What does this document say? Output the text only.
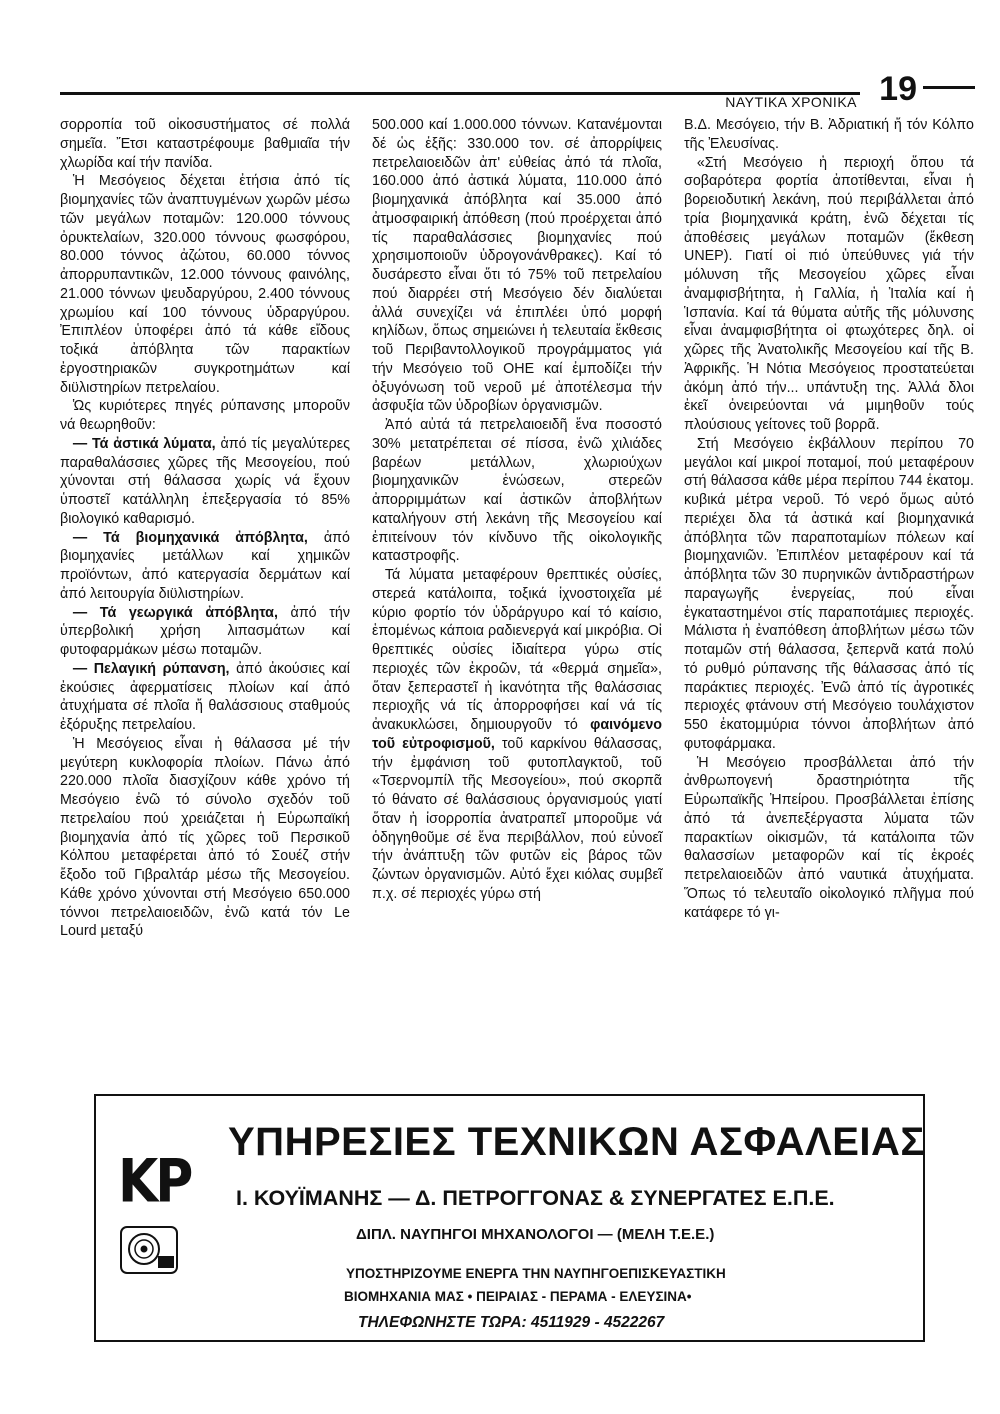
ΝΑΥΤΙΚΑ ΧΡΟΝΙΚΑ 19

σορροπία τοῦ οἰκοσυστήματος σέ πολλά σημεῖα. Ἔτσι καταστρέφουμε βαθμιαῖα τήν χλωρίδα καί τήν πανίδα.

Ἡ Μεσόγειος δέχεται ἐτήσια ἀπό τίς βιομηχανίες τῶν ἀναπτυγμένων χωρῶν μέσω τῶν μεγάλων ποταμῶν: 120.000 τόννους ὀρυκτελαίων, 320.000 τόννους φωσφόρου, 80.000 τόννος ἀζώτου, 60.000 τόννος ἀπορρυπαντικῶν, 12.000 τόννους φαινόλης, 21.000 τόννων ψευδαργύρου, 2.400 τόννους χρωμίου καί 100 τόννους ὑδραργύρου. Ἐπιπλέον ὑποφέρει ἀπό τά κάθε εἴδους τοξικά ἀπόβλητα τῶν παρακτίων ἐργοστηριακῶν συγκροτημάτων καί διϋλιστηρίων πετρελαίου.

Ὡς κυριότερες πηγές ρύπανσης μποροῦν νά θεωρηθοῦν:

— Τά ἀστικά λύματα, ἀπό τίς μεγαλύτερες παραθαλάσσιες χῶρες τῆς Μεσογείου, πού χύνονται στή θάλασσα χωρίς νά ἔχουν ὑποστεῖ κατάλληλη ἐπεξεργασία τό 85% βιολογικό καθαρισμό.

— Τά βιομηχανικά ἀπόβλητα, ἀπό βιομηχανίες μετάλλων καί χημικῶν προϊόντων, ἀπό κατεργασία δερμάτων καί ἀπό λειτουργία διϋλιστηρίων.

— Τά γεωργικά ἀπόβλητα, ἀπό τήν ὑπερβολική χρήση λιπασμάτων καί φυτοφαρμάκων μέσω ποταμῶν.

— Πελαγική ρύπανση, ἀπό ἀκούσιες καί ἐκούσιες ἀφερματίσεις πλοίων καί ἀπό ἀτυχήματα σέ πλοῖα ἤ θαλάσσιους σταθμούς ἐξόρυξης πετρελαίου.

Ἡ Μεσόγειος εἶναι ἡ θάλασσα μέ τήν μεγύτερη κυκλοφορία πλοίων. Πάνω ἀπό 220.000 πλοῖα διασχίζουν κάθε χρόνο τή Μεσόγειο ἐνῶ τό σύνολο σχεδόν τοῦ πετρελαίου πού χρειάζεται ἡ Εὐρωπαϊκή βιομηχανία ἀπό τίς χῶρες τοῦ Περσικοῦ Κόλπου μεταφέρεται ἀπό τό Σουέζ στήν ἔξοδο τοῦ Γιβραλτάρ μέσω τῆς Μεσογείου. Κάθε χρόνο χύνονται στή Μεσόγειο 650.000 τόννοι πετρελαιοειδῶν, ἐνῶ κατά τόν Le Lourd μεταξύ

500.000 καί 1.000.000 τόννων. Κατανέμονται δέ ὡς ἑξῆς: 330.000 τον. σέ ἀπορρίψεις πετρελαιοειδῶν ἀπ' εὐθείας ἀπό τά πλοῖα, 160.000 ἀπό ἀστικά λύματα, 110.000 ἀπό βιομηχανικά ἀπόβλητα καί 35.000 ἀπό ἀτμοσφαιρική ἀπόθεση (πού προέρχεται ἀπό τίς παραθαλάσσιες βιομηχανίες πού χρησιμοποιοῦν ὑδρογονάνθρακες). Καί τό δυσάρεστο εἶναι ὅτι τό 75% τοῦ πετρελαίου πού διαρρέει στή Μεσόγειο δέν διαλύεται ἀλλά συνεχίζει νά ἐπιπλέει ὑπό μορφή κηλίδων, ὅπως σημειώνει ἡ τελευταία ἔκθεσις τοῦ Περιβαντολλογικοῦ προγράμματος γιά τήν Μεσόγειο τοῦ ΟΗΕ καί ἐμποδίζει τήν ὀξυγόνωση τοῦ νεροῦ μέ ἀποτέλεσμα τήν ἀσφυξία τῶν ὑδροβίων ὀργανισμῶν.

Ἀπό αὐτά τά πετρελαιοειδῆ ἕνα ποσοστό 30% μετατρέπεται σέ πίσσα, ἐνῶ χιλιάδες βαρέων μετάλλων, χλωριούχων βιομηχανικῶν ἑνώσεων, στερεῶν ἀπορριμμάτων καί ἀστικῶν ἀποβλήτων καταλήγουν στή λεκάνη τῆς Μεσογείου καί ἐπιτείνουν τόν κίνδυνο τῆς οἰκολογικῆς καταστροφῆς.

Τά λύματα μεταφέρουν θρεπτικές οὐσίες, στερεά κατάλοιπα, τοξικά ἰχνοστοιχεῖα μέ κύριο φορτίο τόν ὑδράργυρο καί τό καίσιο, ἑπομένως κάποια ραδιενεργά καί μικρόβια. Οἱ θρεπτικές οὐσίες ἰδιαίτερα γύρω στίς περιοχές τῶν ἐκροῶν, τά «θερμά σημεῖα», ὅταν ξεπεραστεῖ ἡ ἱκανότητα τῆς θαλάσσιας περιοχῆς νά τίς ἀπορροφήσει καί νά τίς ἀνακυκλώσει, δημιουργοῦν τό φαινόμενο τοῦ εὐτροφισμοῦ, τοῦ καρκίνου θάλασσας, τήν ἐμφάνιση τοῦ φυτοπλαγκτοῦ, τοῦ «Τσερνομπίλ τῆς Μεσογείου», πού σκορπᾶ τό θάνατο σέ θαλάσσιους ὀργανισμούς γιατί ὅταν ἡ ἰσορροπία ἀνατραπεῖ μποροῦμε νά ὁδηγηθοῦμε σέ ἕνα περιβάλλον, πού εὐνοεῖ τήν ἀνάπτυξη τῶν φυτῶν εἰς βάρος τῶν ζώντων ὀργανισμῶν. Αὐτό ἔχει κιόλας συμβεῖ π.χ. σέ περιοχές γύρω στή

Β.Δ. Μεσόγειο, τήν Β. Ἀδριατική ἤ τόν Κόλπο τῆς Ἐλευσίνας.

«Στή Μεσόγειο ἡ περιοχή ὅπου τά σοβαρότερα φορτία ἀποτίθενται, εἶναι ἡ βορειοδυτική λεκάνη, πού περιβάλλεται ἀπό τρία βιομηχανικά κράτη, ἐνῶ δέχεται τίς ἀποθέσεις μεγάλων ποταμῶν (ἔκθεση UNEP). Γιατί οἱ πιό ὑπεύθυνες γιά τήν μόλυνση τῆς Μεσογείου χῶρες εἶναι ἀναμφισβήτητα, ἡ Γαλλία, ἡ Ἰταλία καί ἡ Ἱσπανία. Καί τά θύματα αὐτῆς τῆς μόλυνσης εἶναι ἀναμφισβήτητα οἱ φτωχότερες δηλ. οἱ χῶρες τῆς Ἀνατολικῆς Μεσογείου καί τῆς Β. Ἀφρικῆς. Ἡ Νότια Μεσόγειος προστατεύεται ἀκόμη ἀπό τήν... υπάντυξη της. Ἀλλά δλοι ἐκεῖ ὀνειρεύονται νά μιμηθοῦν τούς πλούσιους γείτονες τοῦ βορρᾶ.

Στή Μεσόγειο ἐκβάλλουν περίπου 70 μεγάλοι καί μικροί ποταμοί, πού μεταφέρουν στή θάλασσα κάθε μέρα περίπου 744 ἑκατομ. κυβικά μέτρα νεροῦ. Τό νερό ὅμως αὐτό περιέχει δλα τά ἀστικά καί βιομηχανικά ἀπόβλητα τῶν παραποταμίων πόλεων καί βιομηχανιῶν. Ἐπιπλέον μεταφέρουν καί τά ἀπόβλητα τῶν 30 πυρηνικῶν ἀντιδραστήρων παραγωγῆς ἐνεργείας, πού εἶναι ἐγκαταστημένοι στίς παραποτάμιες περιοχές. Μάλιστα ἡ ἐναπόθεση ἀποβλήτων μέσω τῶν ποταμῶν στή θάλασσα, ξεπερνᾶ κατά πολύ τό ρυθμό ρύπανσης τῆς θάλασσας ἀπό τίς παράκτιες περιοχές. Ἐνῶ ἀπό τίς ἀγροτικές περιοχές φτάνουν στή Μεσόγειο τουλάχιστον 550 ἑκατομμύρια τόννοι ἀποβλήτων ἀπό φυτοφάρμακα.

Ἡ Μεσόγειο προσβάλλεται ἀπό τήν ἀνθρωπογενή δραστηριότητα τῆς Εὐρωπαϊκῆς Ἠπείρου. Προσβάλλεται ἐπίσης ἀπό τά ἀνεπεξέργαστα λύματα τῶν παρακτίων οἰκισμῶν, τά κατάλοιπα τῶν θαλασσίων μεταφορῶν καί τίς ἐκροές πετρελαιοειδῶν ἀπό ναυτικά ἀτυχήματα. Ὅπως τό τελευταῖο οἰκολογικό πλῆγμα πού κατάφερε τό γι-

ΚΡ
ΥΠΗΡΕΣΙΕΣ ΤΕΧΝΙΚΩΝ ΑΣΦΑΛΕΙΑΣ
Ι. ΚΟΥΪΜΑΝΗΣ — Δ. ΠΕΤΡΟΓΓΟΝΑΣ & ΣΥΝΕΡΓΑΤΕΣ Ε.Π.Ε.
ΔΙΠΛ. ΝΑΥΠΗΓΟΙ ΜΗΧΑΝΟΛΟΓΟΙ — (ΜΕΛΗ Τ.Ε.Ε.)
ΥΠΟΣΤΗΡΙΖΟΥΜΕ ΕΝΕΡΓΑ ΤΗΝ ΝΑΥΠΗΓΟΕΠΙΣΚΕΥΑΣΤΙΚΗ
ΒΙΟΜΗΧΑΝΙΑ ΜΑΣ • ΠΕΙΡΑΙΑΣ - ΠΕΡΑΜΑ - ΕΛΕΥΣΙΝΑ•
ΤΗΛΕΦΩΝΗΣΤΕ ΤΩΡΑ: 4511929 - 4522267
